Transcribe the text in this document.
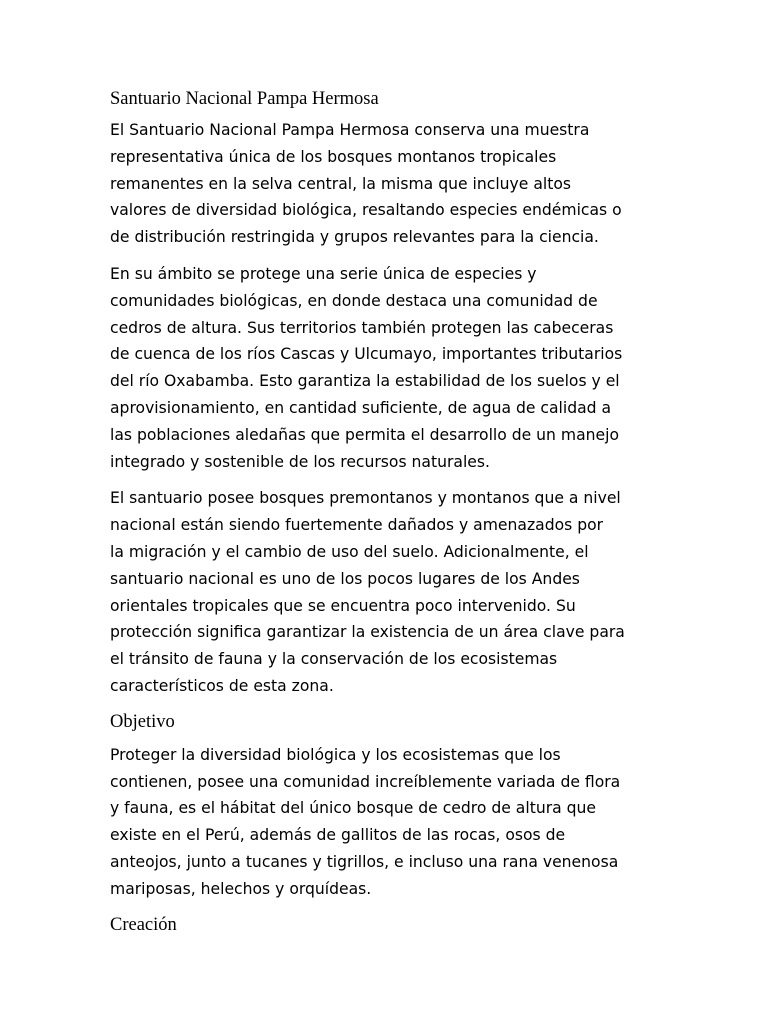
Santuario Nacional Pampa Hermosa

El Santuario Nacional Pampa Hermosa conserva una muestra
representativa única de los bosques montanos tropicales
remanentes en la selva central, la misma que incluye altos
valores de diversidad biológica, resaltando especies endémicas o
de distribución restringida y grupos relevantes para la ciencia.

En su ámbito se protege una serie única de especies y
comunidades biológicas, en donde destaca una comunidad de
cedros de altura. Sus territorios también protegen las cabeceras
de cuenca de los ríos Cascas y Ulcumayo, importantes tributarios
del río Oxabamba. Esto garantiza la estabilidad de los suelos y el
aprovisionamiento, en cantidad suficiente, de agua de calidad a
las poblaciones aledañas que permita el desarrollo de un manejo
integrado y sostenible de los recursos naturales.

El santuario posee bosques premontanos y montanos que a nivel
nacional están siendo fuertemente dañados y amenazados por
la migración y el cambio de uso del suelo. Adicionalmente, el
santuario nacional es uno de los pocos lugares de los Andes
orientales tropicales que se encuentra poco intervenido. Su
protección significa garantizar la existencia de un área clave para
el tránsito de fauna y la conservación de los ecosistemas
característicos de esta zona.

Objetivo

Proteger la diversidad biológica y los ecosistemas que los
contienen, posee una comunidad increíblemente variada de flora
y fauna, es el hábitat del único bosque de cedro de altura que
existe en el Perú, además de gallitos de las rocas, osos de
anteojos, junto a tucanes y tigrillos, e incluso una rana venenosa
mariposas, helechos y orquídeas.

Creación
